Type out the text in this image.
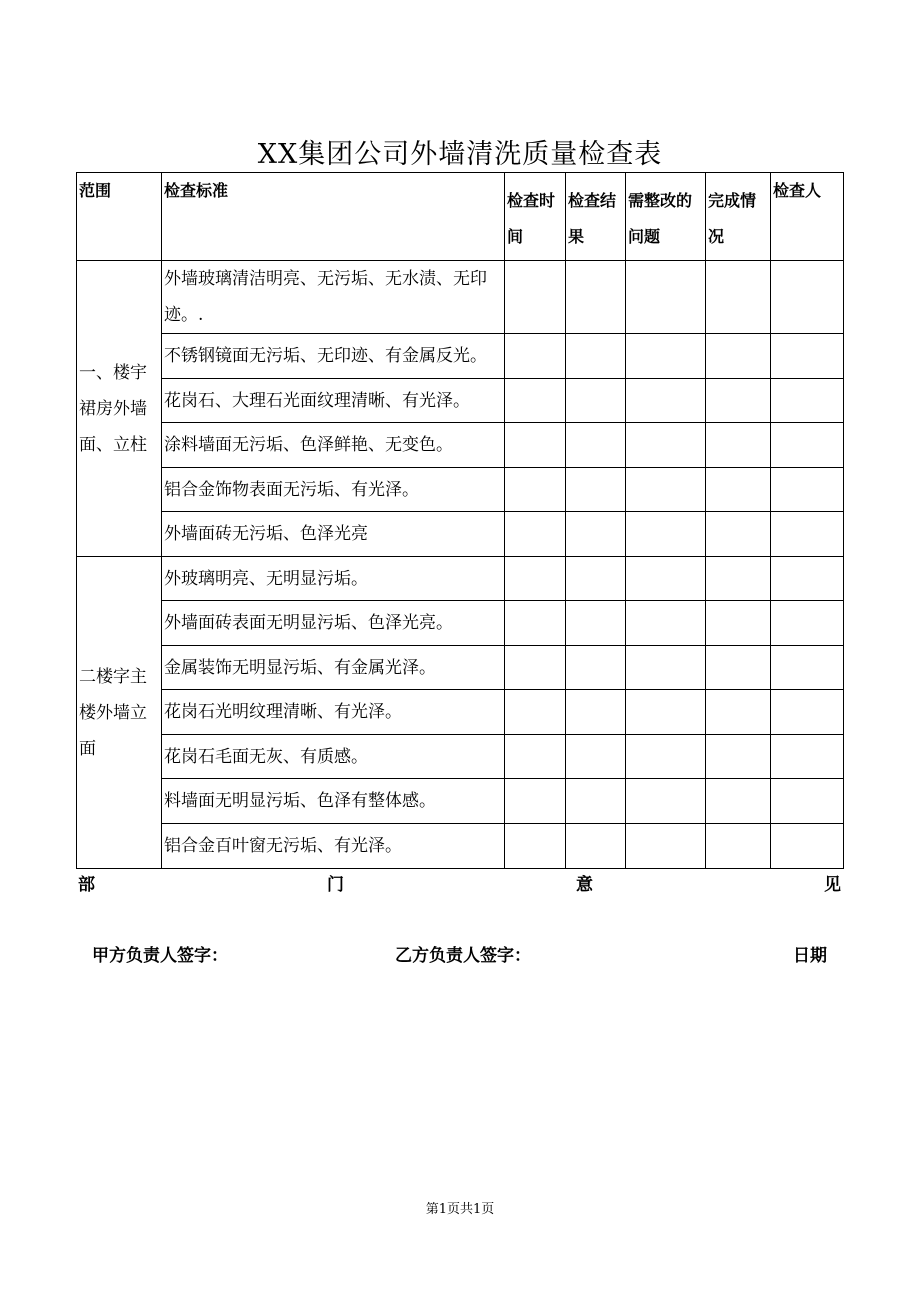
XX集团公司外墙清洗质量检查表
范围	检查标准	检查时间	检查结果	需整改的问题	完成情况	检查人
一、楼宇裙房外墙面、立柱	外墙玻璃清洁明亮、无污垢、无水渍、无印迹。.					
	不锈钢镜面无污垢、无印迹、有金属反光。					
	花岗石、大理石光面纹理清晰、有光泽。					
	涂料墙面无污垢、色泽鲜艳、无变色。					
	铝合金饰物表面无污垢、有光泽。					
	外墙面砖无污垢、色泽光亮					
二楼字主楼外墙立面	外玻璃明亮、无明显污垢。					
	外墙面砖表面无明显污垢、色泽光亮。					
	金属装饰无明显污垢、有金属光泽。					
	花岗石光明纹理清晰、有光泽。					
	花岗石毛面无灰、有质感。					
	料墙面无明显污垢、色泽有整体感。					
	铝合金百叶窗无污垢、有光泽。					
部	门	意	见
甲方负责人签字：	乙方负责人签字：	日期
第1页共1页
